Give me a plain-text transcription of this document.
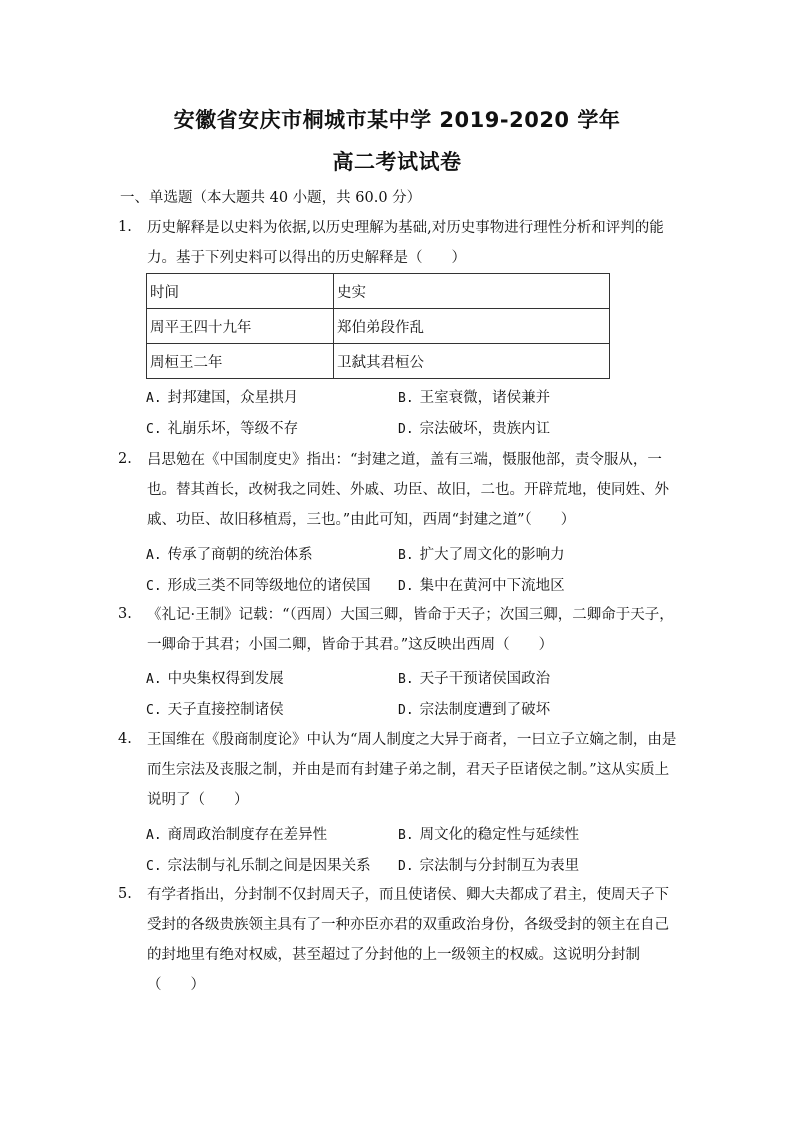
安徽省安庆市桐城市某中学 2019-2020 学年
高二考试试卷
一、单选题（本大题共 40 小题，共 60.0 分）
1.	历史解释是以史料为依据,以历史理解为基础,对历史事物进行理性分析和评判的能力。基于下列史料可以得出的历史解释是（　　）
时间	史实
周平王四十九年	郑伯弟段作乱
周桓王二年	卫弑其君桓公
A. 封邦建国，众星拱月	B. 王室衰微，诸侯兼并
C. 礼崩乐坏，等级不存	D. 宗法破坏，贵族内讧
2.	吕思勉在《中国制度史》指出：“封建之道，盖有三端，慑服他部，责令服从，一也。替其酋长，改树我之同姓、外戚、功臣、故旧，二也。开辟荒地，使同姓、外戚、功臣、故旧移植焉，三也。”由此可知，西周“封建之道”（　　）
A. 传承了商朝的统治体系	B. 扩大了周文化的影响力
C. 形成三类不同等级地位的诸侯国 D. 集中在黄河中下流地区
3.	《礼记·王制》记载：“（西周）大国三卿，皆命于天子；次国三卿，二卿命于天子，一卿命于其君；小国二卿，皆命于其君。”这反映出西周（　　）
A. 中央集权得到发展	B. 天子干预诸侯国政治
C. 天子直接控制诸侯	D. 宗法制度遭到了破坏
4.	王国维在《殷商制度论》中认为“周人制度之大异于商者，一曰立子立嫡之制，由是而生宗法及丧服之制，并由是而有封建子弟之制，君天子臣诸侯之制。”这从实质上说明了（　　）
A. 商周政治制度存在差异性	B. 周文化的稳定性与延续性
C. 宗法制与礼乐制之间是因果关系 D. 宗法制与分封制互为表里
5.	有学者指出，分封制不仅封周天子，而且使诸侯、卿大夫都成了君主，使周天子下受封的各级贵族领主具有了一种亦臣亦君的双重政治身份，各级受封的领主在自己的封地里有绝对权威，甚至超过了分封他的上一级领主的权威。这说明分封制（　　）
